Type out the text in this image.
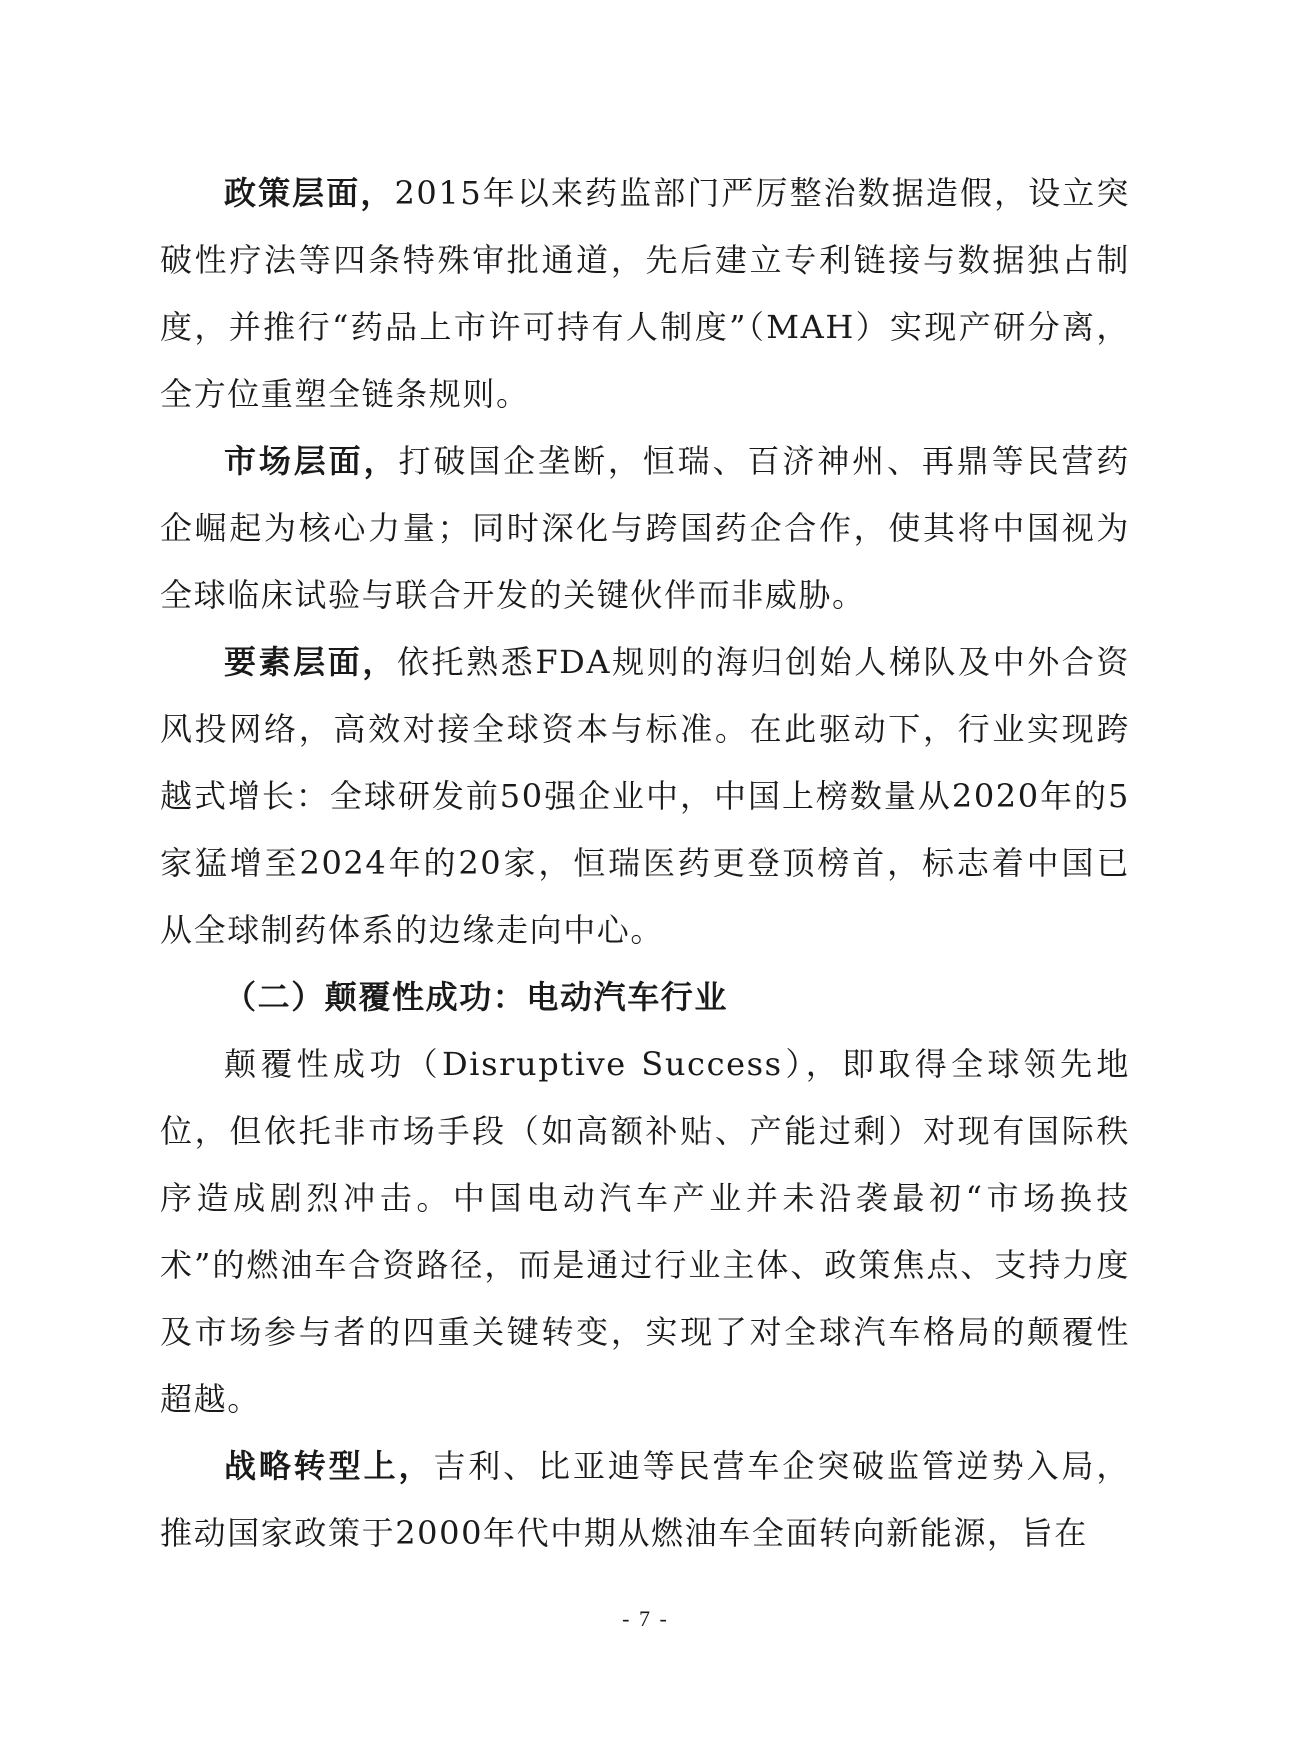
政策层面，2015年以来药监部门严厉整治数据造假，设立突破性疗法等四条特殊审批通道，先后建立专利链接与数据独占制度，并推行“药品上市许可持有人制度”（MAH）实现产研分离，全方位重塑全链条规则。

市场层面，打破国企垄断，恒瑞、百济神州、再鼎等民营药企崛起为核心力量；同时深化与跨国药企合作，使其将中国视为全球临床试验与联合开发的关键伙伴而非威胁。

要素层面，依托熟悉FDA规则的海归创始人梯队及中外合资风投网络，高效对接全球资本与标准。在此驱动下，行业实现跨越式增长：全球研发前50强企业中，中国上榜数量从2020年的5家猛增至2024年的20家，恒瑞医药更登顶榜首，标志着中国已从全球制药体系的边缘走向中心。

（二）颠覆性成功：电动汽车行业

颠覆性成功（Disruptive Success），即取得全球领先地位，但依托非市场手段（如高额补贴、产能过剩）对现有国际秩序造成剧烈冲击。中国电动汽车产业并未沿袭最初“市场换技术”的燃油车合资路径，而是通过行业主体、政策焦点、支持力度及市场参与者的四重关键转变，实现了对全球汽车格局的颠覆性超越。

战略转型上，吉利、比亚迪等民营车企突破监管逆势入局，推动国家政策于2000年代中期从燃油车全面转向新能源，旨在

- 7 -
